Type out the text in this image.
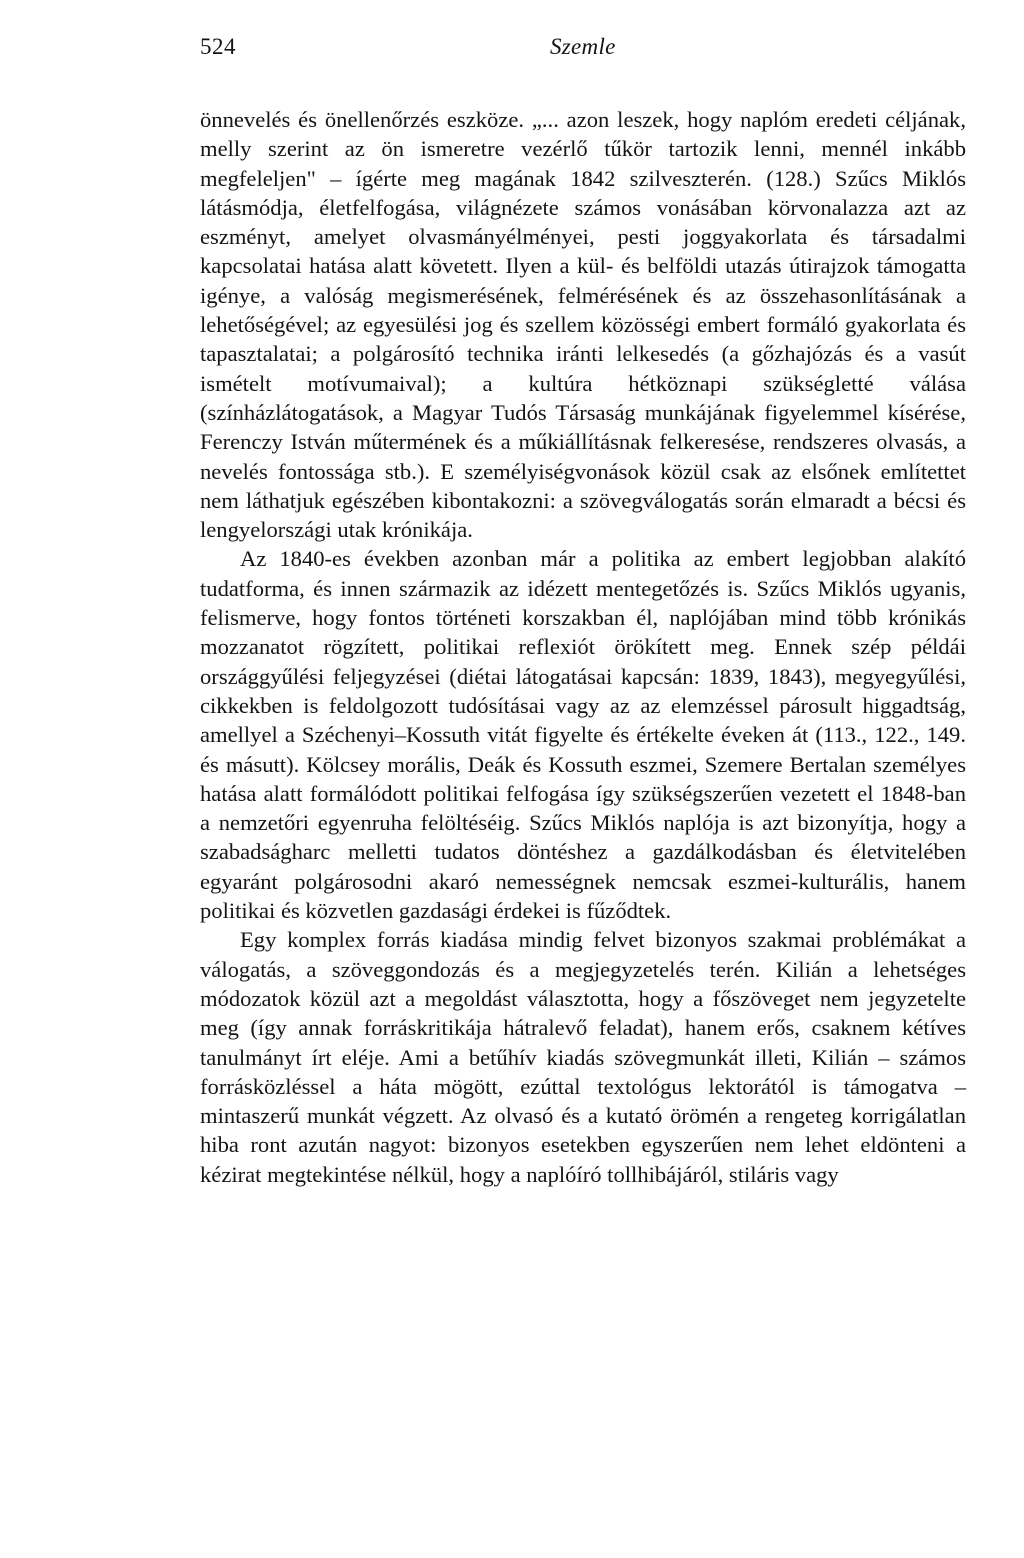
524	Szemle

önnevelés és önellenőrzés eszköze. „... azon leszek, hogy naplóm eredeti céljának, melly szerint az ön ismeretre vezérlő tűkör tartozik lenni, mennél inkább megfeleljen" – ígérte meg magának 1842 szilveszterén. (128.) Szűcs Miklós látásmódja, életfelfogása, világnézete számos vonásában körvonalazza azt az eszményt, amelyet olvasmányélményei, pesti joggyakorlata és társadalmi kapcsolatai hatása alatt követett. Ilyen a kül- és belföldi utazás útirajzok támogatta igénye, a valóság megismerésének, felmérésének és az összehasonlításának a lehetőségével; az egyesülési jog és szellem közösségi embert formáló gyakorlata és tapasztalatai; a polgárosító technika iránti lelkesedés (a gőzhajózás és a vasút ismételt motívumaival); a kultúra hétköznapi szükségletté válása (színházlátogatások, a Magyar Tudós Társaság munkájának figyelemmel kísérése, Ferenczy István műtermének és a műkiállításnak felkeresése, rendszeres olvasás, a nevelés fontossága stb.). E személyiségvonások közül csak az elsőnek említettet nem láthatjuk egészében kibontakozni: a szövegválogatás során elmaradt a bécsi és lengyelországi utak krónikája.

Az 1840-es években azonban már a politika az embert legjobban alakító tudatforma, és innen származik az idézett mentegetőzés is. Szűcs Miklós ugyanis, felismerve, hogy fontos történeti korszakban él, naplójában mind több krónikás mozzanatot rögzített, politikai reflexiót örökített meg. Ennek szép példái országgyűlési feljegyzései (diétai látogatásai kapcsán: 1839, 1843), megyegyűlési, cikkekben is feldolgozott tudósításai vagy az az elemzéssel párosult higgadtság, amellyel a Széchenyi–Kossuth vitát figyelte és értékelte éveken át (113., 122., 149. és másutt). Kölcsey morális, Deák és Kossuth eszmei, Szemere Bertalan személyes hatása alatt formálódott politikai felfogása így szükségszerűen vezetett el 1848-ban a nemzetőri egyenruha felöltéséig. Szűcs Miklós naplója is azt bizonyítja, hogy a szabadságharc melletti tudatos döntéshez a gazdálkodásban és életvitelében egyaránt polgárosodni akaró nemességnek nemcsak eszmei-kulturális, hanem politikai és közvetlen gazdasági érdekei is fűződtek.

Egy komplex forrás kiadása mindig felvet bizonyos szakmai problémákat a válogatás, a szöveggondozás és a megjegyzetelés terén. Kilián a lehetséges módozatok közül azt a megoldást választotta, hogy a főszöveget nem jegyzetelte meg (így annak forráskritikája hátralevő feladat), hanem erős, csaknem kétíves tanulmányt írt eléje. Ami a betűhív kiadás szövegmunkát illeti, Kilián – számos forrásközléssel a háta mögött, ezúttal textológus lektorától is támogatva – mintaszerű munkát végzett. Az olvasó és a kutató örömén a rengeteg korrigálatlan hiba ront azután nagyot: bizonyos esetekben egyszerűen nem lehet eldönteni a kézirat megtekintése nélkül, hogy a naplóíró tollhibájáról, stiláris vagy
